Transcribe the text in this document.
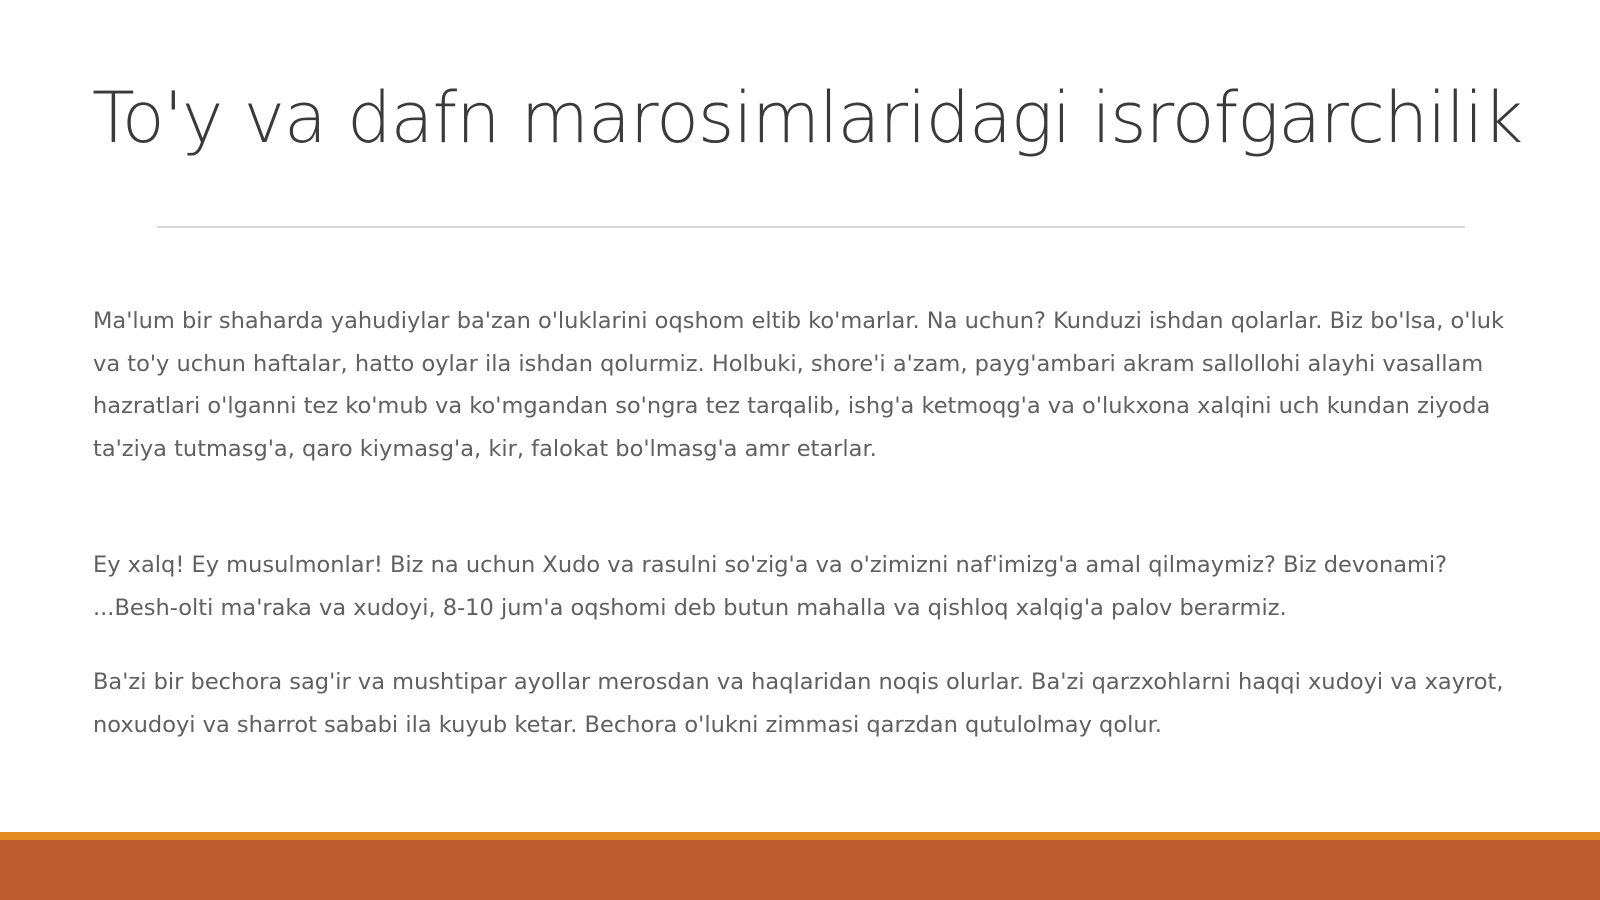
To'y va dafn marosimlaridagi isrofgarchilik

Ma'lum bir shaharda yahudiylar ba'zan o'luklarini oqshom eltib ko'marlar. Na uchun? Kunduzi ishdan qolarlar. Biz bo'lsa, o'luk va to'y uchun haftalar, hatto oylar ila ishdan qolurmiz. Holbuki, shore'i a'zam, payg'ambari akram sallollohi alayhi vasallam hazratlari o'lganni tez ko'mub va ko'mgandan so'ngra tez tarqalib, ishg'a ketmoqg'a va o'lukxona xalqini uch kundan ziyoda ta'ziya tutmasg'a, qaro kiymasg'a, kir, falokat bo'lmasg'a amr etarlar.

Ey xalq! Ey musulmonlar! Biz na uchun Xudo va rasulni so'zig'a va o'zimizni naf'imizg'a amal qilmaymiz? Biz devonami? ...Besh-olti ma'raka va xudoyi, 8-10 jum'a oqshomi deb butun mahalla va qishloq xalqig'a palov berarmiz.

Ba'zi bir bechora sag'ir va mushtipar ayollar merosdan va haqlaridan noqis olurlar. Ba'zi qarzxohlarni haqqi xudoyi va xayrot, noxudoyi va sharrot sababi ila kuyub ketar. Bechora o'lukni zimmasi qarzdan qutulolmay qolur.
